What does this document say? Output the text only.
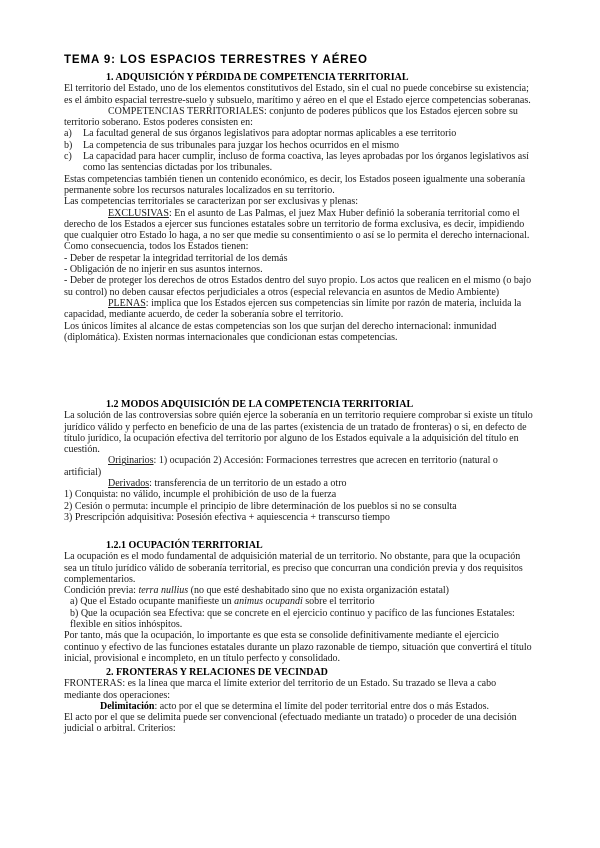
TEMA 9: LOS ESPACIOS TERRESTRES Y AÉREO

1. ADQUISICIÓN Y PÉRDIDA DE COMPETENCIA TERRITORIAL

El territorio del Estado, uno de los elementos constitutivos del Estado, sin el cual no puede concebirse su existencia; es el ámbito espacial terrestre-suelo y subsuelo, marítimo y aéreo en el que el Estado ejerce competencias soberanas.

COMPETENCIAS TERRITORIALES: conjunto de poderes públicos que los Estados ejercen sobre su territorio soberano. Estos poderes consisten en:

a)	La facultad general de sus órganos legislativos para adoptar normas aplicables a ese territorio
b)	La competencia de sus tribunales para juzgar los hechos ocurridos en el mismo
c)	La capacidad para hacer cumplir, incluso de forma coactiva, las leyes aprobadas por los órganos legislativos así como las sentencias dictadas por los tribunales.

Estas competencias también tienen un contenido económico, es decir, los Estados poseen igualmente una soberanía permanente sobre los recursos naturales localizados en su territorio.

Las competencias territoriales se caracterizan por ser exclusivas y plenas:

EXCLUSIVAS: En el asunto de Las Palmas, el juez Max Huber definió la soberanía territorial como el derecho de los Estados a ejercer sus funciones estatales sobre un territorio de forma exclusiva, es decir, impidiendo que cualquier otro Estado lo haga, a no ser que medie su consentimiento o así se lo permita el derecho internacional.

Como consecuencia, todos los Estados tienen:

- Deber de respetar la integridad territorial de los demás

- Obligación de no injerir en sus asuntos internos.

- Deber de proteger los derechos de otros Estados dentro del suyo propio. Los actos que realicen en el mismo (o bajo su control) no deben causar efectos perjudiciales a otros (especial relevancia en asuntos de Medio Ambiente)

PLENAS: implica que los Estados ejercen sus competencias sin límite por razón de materia, incluida la capacidad, mediante acuerdo, de ceder la soberanía sobre el territorio.

Los únicos límites al alcance de estas competencias son los que surjan del derecho internacional: inmunidad (diplomática). Existen normas internacionales que condicionan estas competencias.

1.2 MODOS ADQUISICIÓN DE LA COMPETENCIA TERRITORIAL

La solución de las controversias sobre quién ejerce la soberanía en un territorio requiere comprobar si existe un título jurídico válido y perfecto en beneficio de una de las partes (existencia de un tratado de fronteras) o si, en defecto de título jurídico, la ocupación efectiva del territorio por alguno de los Estados equivale a la adquisición del título en cuestión.

Originarios: 1) ocupación 2) Accesión: Formaciones terrestres que acrecen en territorio (natural o artificial)

Derivados: transferencia de un territorio de un estado a otro

1) Conquista: no válido, incumple el prohibición de uso de la fuerza

2) Cesión o permuta: incumple el principio de libre determinación de los pueblos si no se consulta

3) Prescripción adquisitiva: Posesión efectiva + aquiescencia + transcurso tiempo

1.2.1 OCUPACIÓN TERRITORIAL

La ocupación es el modo fundamental de adquisición material de un territorio. No obstante, para que la ocupación sea un título jurídico válido de soberanía territorial, es preciso que concurran una condición previa y dos requisitos complementarios.

Condición previa: terra nullius (no que esté deshabitado sino que no exista organización estatal)

a) Que el Estado ocupante manifieste un animus ocupandi sobre el territorio

b) Que la ocupación sea Efectiva: que se concrete en el ejercicio continuo y pacífico de las funciones Estatales: flexible en sitios inhóspitos.

Por tanto, más que la ocupación, lo importante es que esta se consolide definitivamente mediante el ejercicio continuo y efectivo de las funciones estatales durante un plazo razonable de tiempo, situación que convertirá el título inicial, provisional e incompleto, en un título perfecto y consolidado.

2. FRONTERAS Y RELACIONES DE VECINDAD

FRONTERAS: es la línea que marca el límite exterior del territorio de un Estado. Su trazado se lleva a cabo mediante dos operaciones:

Delimitación: acto por el que se determina el límite del poder territorial entre dos o más Estados.

El acto por el que se delimita puede ser convencional (efectuado mediante un tratado) o proceder de una decisión judicial o arbitral. Criterios:
